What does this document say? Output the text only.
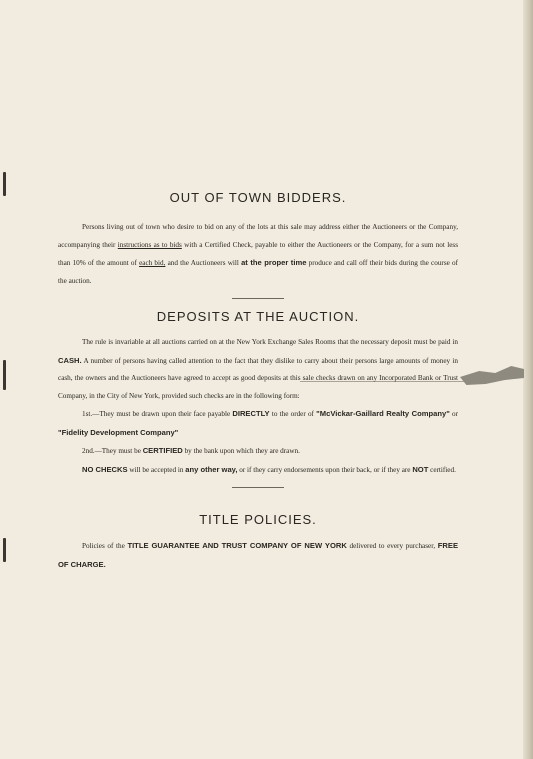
OUT OF TOWN BIDDERS.

Persons living out of town who desire to bid on any of the lots at this sale may address either the Auctioneers or the Company, accompanying their instructions as to bids with a Certified Check, payable to either the Auctioneers or the Company, for a sum not less than 10% of the amount of each bid, and the Auctioneers will at the proper time produce and call off their bids during the course of the auction.

DEPOSITS AT THE AUCTION.

The rule is invariable at all auctions carried on at the New York Exchange Sales Rooms that the necessary deposit must be paid in CASH. A number of persons having called attention to the fact that they dislike to carry about their persons large amounts of money in cash, the owners and the Auctioneers have agreed to accept as good deposits at this sale checks drawn on any Incorporated Bank or Trust Company, in the City of New York, provided such checks are in the following form:

1st.—They must be drawn upon their face payable DIRECTLY to the order of "McVickar-Gaillard Realty Company" or "Fidelity Development Company"

2nd.—They must be CERTIFIED by the bank upon which they are drawn.

NO CHECKS will be accepted in any other way, or if they carry endorsements upon their back, or if they are NOT certified.

TITLE POLICIES.

Policies of the TITLE GUARANTEE AND TRUST COMPANY OF NEW YORK delivered to every purchaser, FREE OF CHARGE.
